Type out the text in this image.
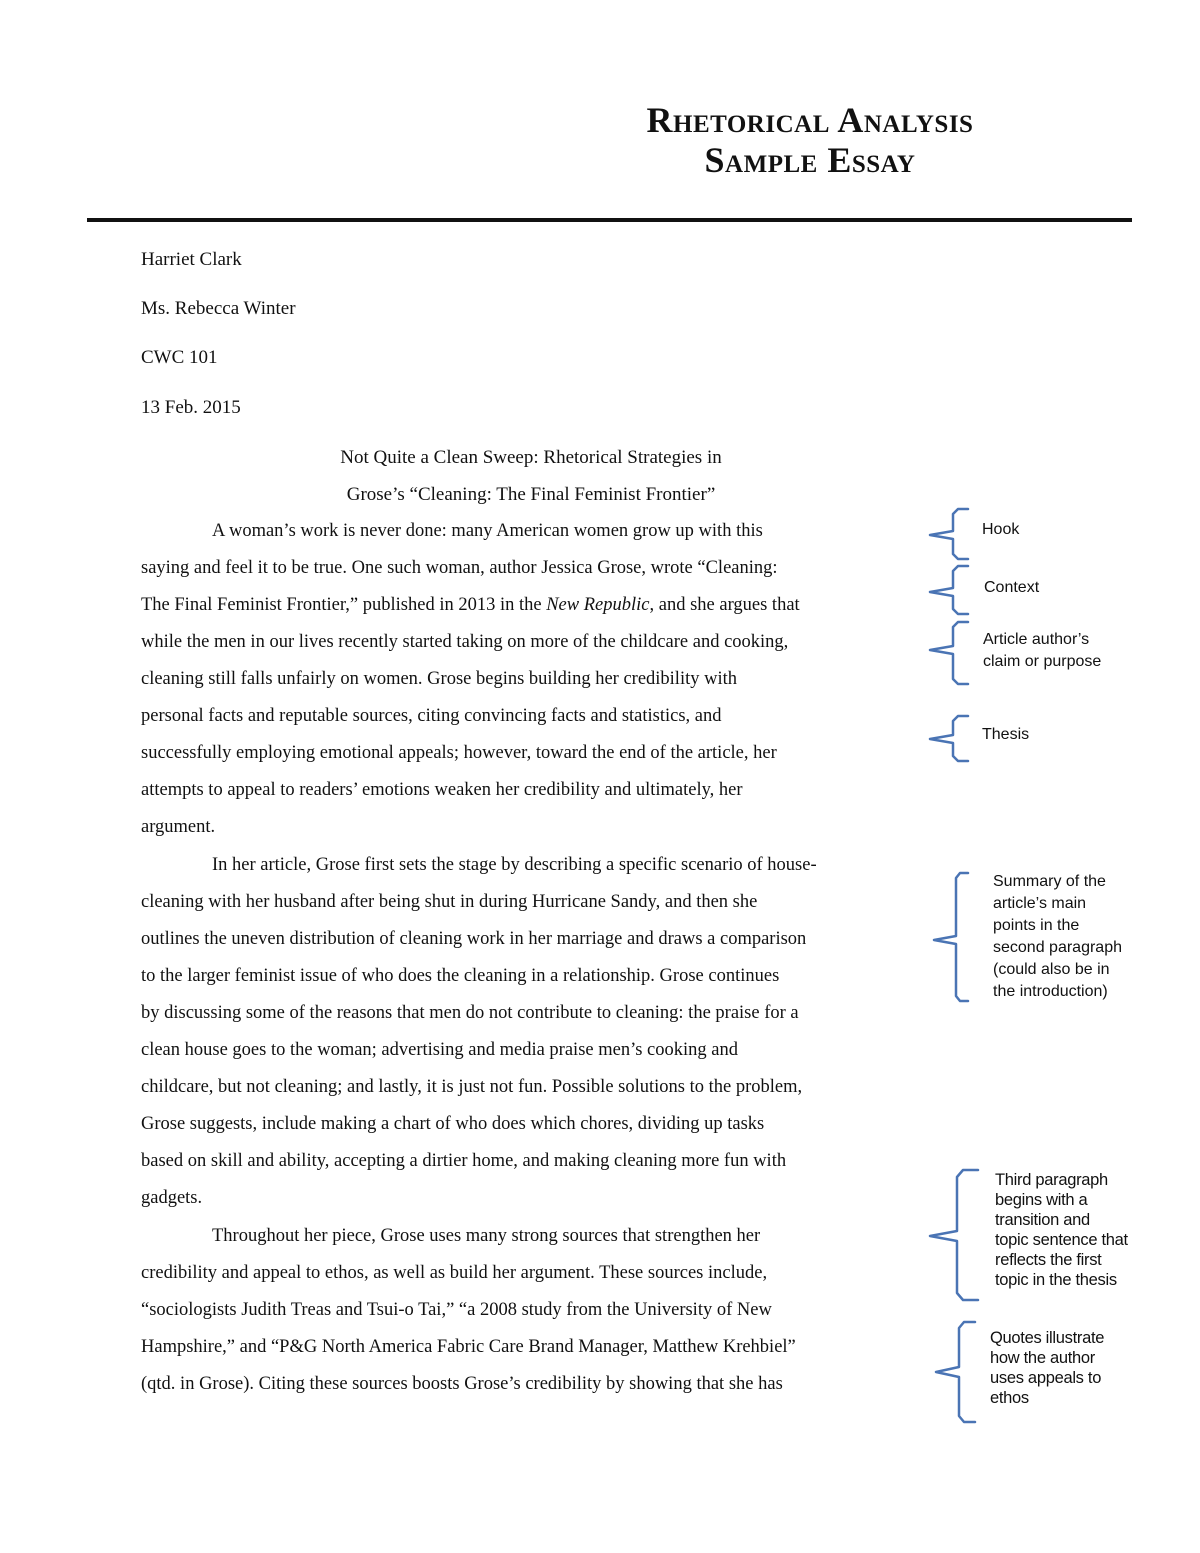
Rhetorical Analysis
Sample Essay
Harriet Clark
Ms. Rebecca Winter
CWC 101
13 Feb. 2015
Not Quite a Clean Sweep: Rhetorical Strategies in
Grose’s “Cleaning: The Final Feminist Frontier”
A woman’s work is never done: many American women grow up with this
saying and feel it to be true. One such woman, author Jessica Grose, wrote “Cleaning:
The Final Feminist Frontier,” published in 2013 in the New Republic, and she argues that
while the men in our lives recently started taking on more of the childcare and cooking,
cleaning still falls unfairly on women. Grose begins building her credibility with
personal facts and reputable sources, citing convincing facts and statistics, and
successfully employing emotional appeals; however, toward the end of the article, her
attempts to appeal to readers’ emotions weaken her credibility and ultimately, her
argument.
In her article, Grose first sets the stage by describing a specific scenario of house-
cleaning with her husband after being shut in during Hurricane Sandy, and then she
outlines the uneven distribution of cleaning work in her marriage and draws a comparison
to the larger feminist issue of who does the cleaning in a relationship. Grose continues
by discussing some of the reasons that men do not contribute to cleaning: the praise for a
clean house goes to the woman; advertising and media praise men’s cooking and
childcare, but not cleaning; and lastly, it is just not fun. Possible solutions to the problem,
Grose suggests, include making a chart of who does which chores, dividing up tasks
based on skill and ability, accepting a dirtier home, and making cleaning more fun with
gadgets.
Throughout her piece, Grose uses many strong sources that strengthen her
credibility and appeal to ethos, as well as build her argument. These sources include,
“sociologists Judith Treas and Tsui-o Tai,” “a 2008 study from the University of New
Hampshire,” and “P&G North America Fabric Care Brand Manager, Matthew Krehbiel”
(qtd. in Grose). Citing these sources boosts Grose’s credibility by showing that she has
Hook
Context
Article author’s
claim or purpose
Thesis
Summary of the
article’s main
points in the
second paragraph
(could also be in
the introduction)
Third paragraph
begins with a
transition and
topic sentence that
reflects the first
topic in the thesis
Quotes illustrate
how the author
uses appeals to
ethos
